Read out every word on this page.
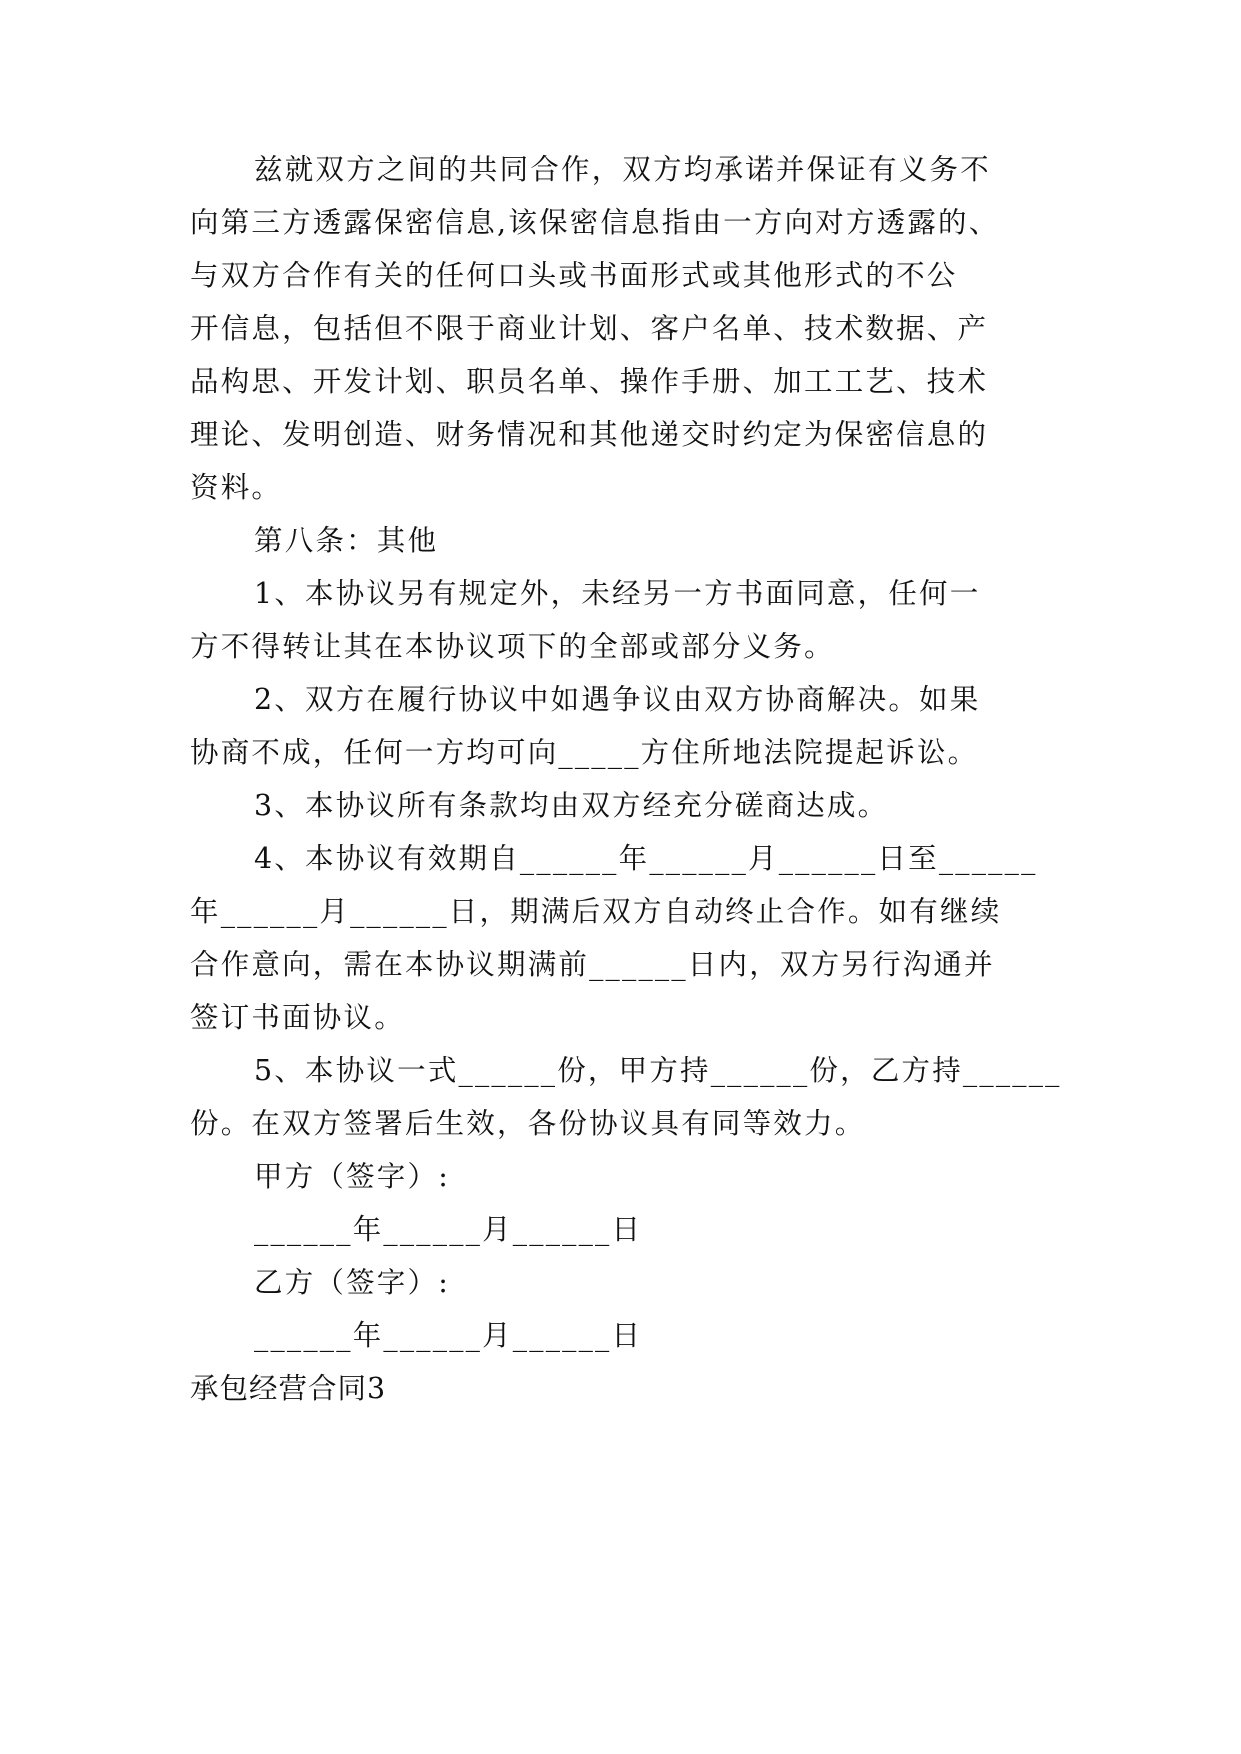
兹就双方之间的共同合作，双方均承诺并保证有义务不
向第三方透露保密信息,该保密信息指由一方向对方透露的、
与双方合作有关的任何口头或书面形式或其他形式的不公
开信息，包括但不限于商业计划、客户名单、技术数据、产
品构思、开发计划、职员名单、操作手册、加工工艺、技术
理论、发明创造、财务情况和其他递交时约定为保密信息的
资料。
第八条：其他
1、本协议另有规定外，未经另一方书面同意，任何一
方不得转让其在本协议项下的全部或部分义务。
2、双方在履行协议中如遇争议由双方协商解决。如果
协商不成，任何一方均可向_____方住所地法院提起诉讼。
3、本协议所有条款均由双方经充分磋商达成。
4、本协议有效期自______年______月______日至______
年______月______日，期满后双方自动终止合作。如有继续
合作意向，需在本协议期满前______日内，双方另行沟通并
签订书面协议。
5、本协议一式______份，甲方持______份，乙方持______
份。在双方签署后生效，各份协议具有同等效力。
甲方（签字）:
______年______月______日
乙方（签字）:
______年______月______日
承包经营合同3
